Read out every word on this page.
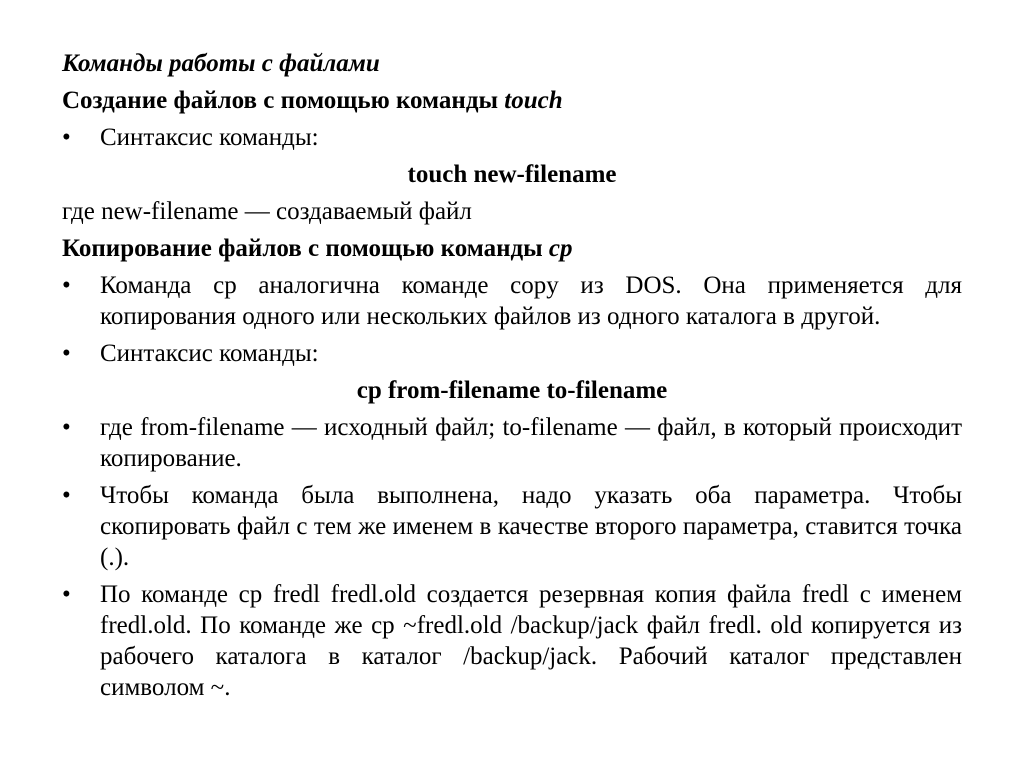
Команды работы с файлами

Создание файлов с помощью команды touch

• Синтаксис команды:

touch new-filename

где new-filename — создаваемый файл

Копирование файлов с помощью команды cp

• Команда cp аналогична команде copy из DOS. Она применяется для копирования одного или нескольких файлов из одного каталога в другой.
• Синтаксис команды:

cp from-filename to-filename

• где from-filename — исходный файл; to-filename — файл, в который происходит копирование.
• Чтобы команда была выполнена, надо указать оба параметра. Чтобы скопировать файл с тем же именем в качестве второго параметра, ставится точка (.).
• По команде cp fredl fredl.old создается резервная копия файла fredl с именем fredl.old. По команде же cp ~fredl.old /backup/jack файл fredl. old копируется из рабочего каталога в каталог /backup/jack. Рабочий каталог представлен символом ~.
